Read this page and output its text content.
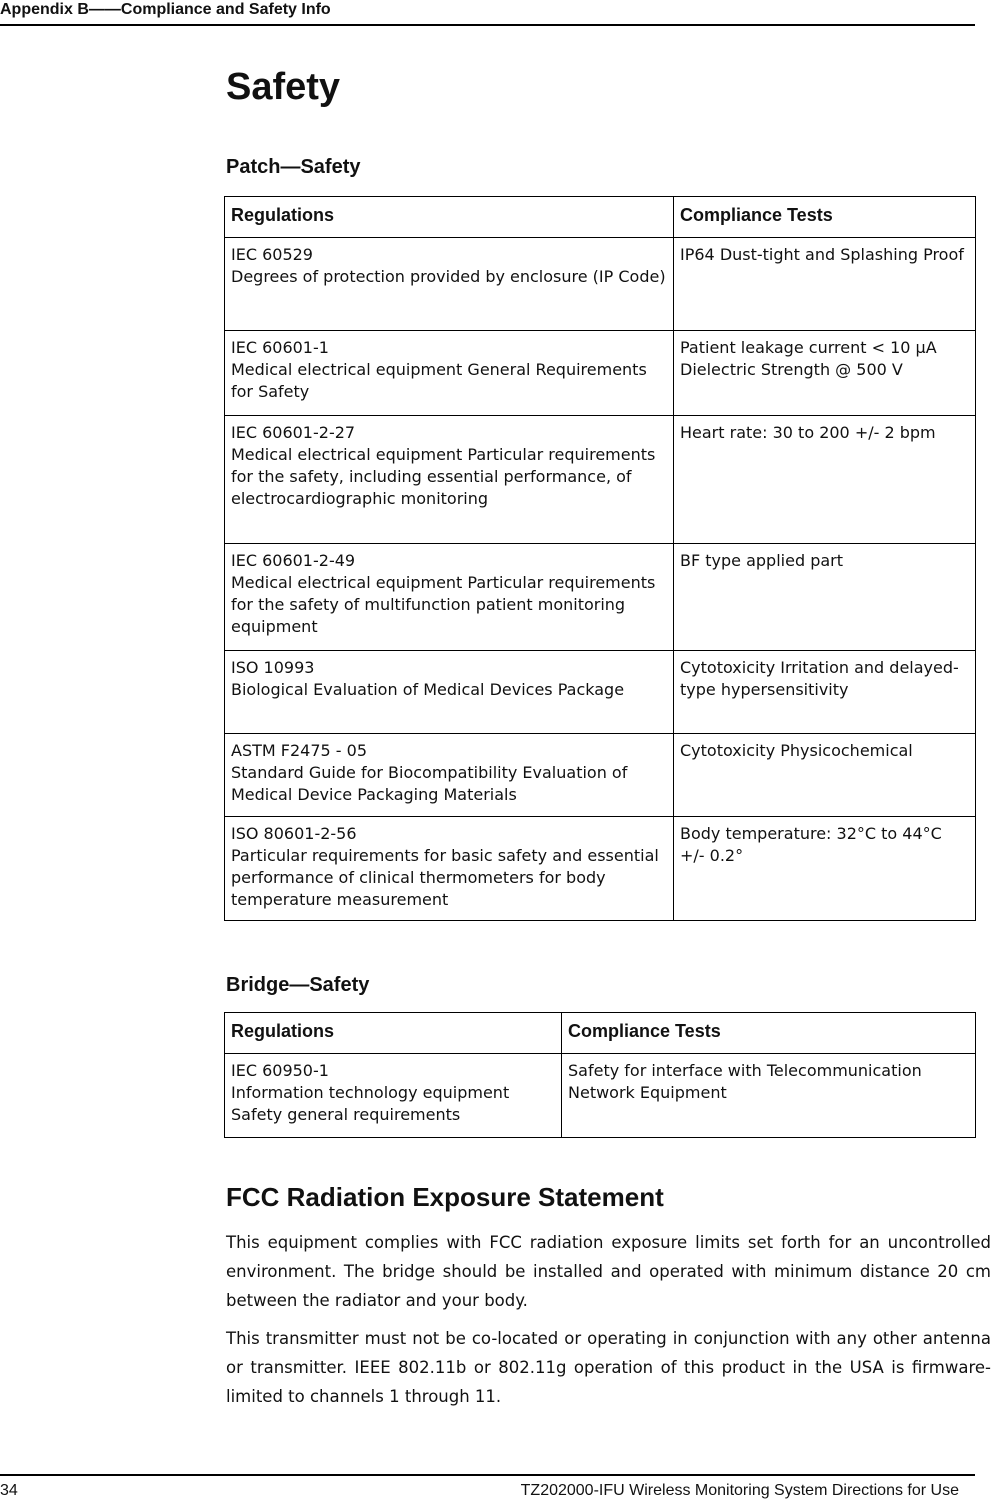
Appendix B——Compliance and Safety Info
Safety
Patch—Safety
Regulations	Compliance Tests

IEC 60529
Degrees of protection provided by enclosure (IP Code)	IP64 Dust-tight and Splashing Proof

IEC 60601-1
Medical electrical equipment General Requirements for Safety	Patient leakage current < 10 µA Dielectric Strength @ 500 V

IEC 60601-2-27
Medical electrical equipment Particular requirements for the safety, including essential performance, of electrocardiographic monitoring	Heart rate: 30 to 200 +/- 2 bpm

IEC 60601-2-49
Medical electrical equipment Particular requirements for the safety of multifunction patient monitoring equipment	BF type applied part

ISO 10993
Biological Evaluation of Medical Devices Package	Cytotoxicity Irritation and delayed-type hypersensitivity

ASTM F2475 - 05
Standard Guide for Biocompatibility Evaluation of Medical Device Packaging Materials	Cytotoxicity Physicochemical

ISO 80601-2-56
Particular requirements for basic safety and essential performance of clinical thermometers for body temperature measurement	Body temperature: 32°C to 44°C +/- 0.2°
Bridge—Safety
Regulations	Compliance Tests

IEC 60950-1
Information technology equipment Safety general requirements	Safety for interface with Telecommunication Network Equipment
FCC Radiation Exposure Statement

This equipment complies with FCC radiation exposure limits set forth for an uncontrolled environment. The bridge should be installed and operated with minimum distance 20 cm between the radiator and your body.

This transmitter must not be co-located or operating in conjunction with any other antenna or transmitter. IEEE 802.11b or 802.11g operation of this product in the USA is firmware-limited to channels 1 through 11.

34	TZ202000-IFU Wireless Monitoring System Directions for Use
